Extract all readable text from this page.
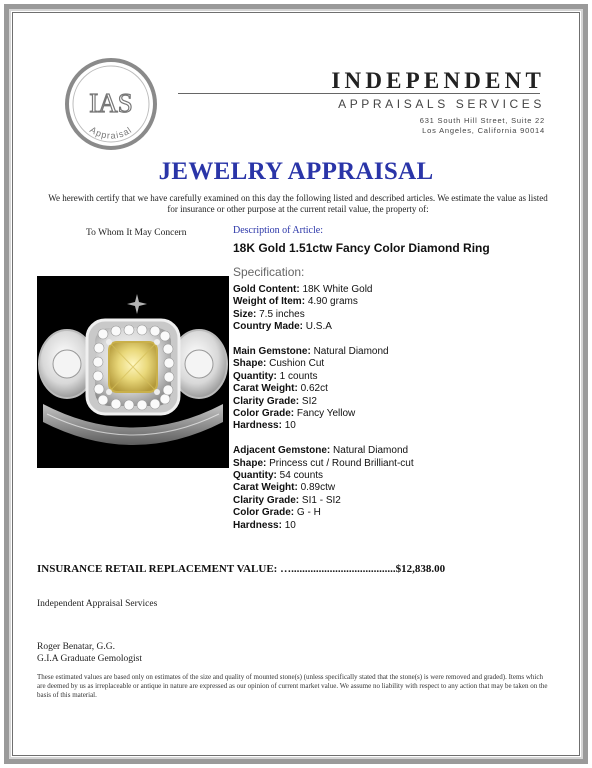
IAS
Appraisal
INDEPENDENT
APPRAISALS SERVICES
631 South Hill Street, Suite 22
Los Angeles, California 90014
JEWELRY APPRAISAL
We herewith certify that we have carefully examined on this day the following listed and described articles. We estimate the value as listed for insurance or other purpose at the current retail value, the property of:
To Whom It May Concern	Description of Article:
18K Gold 1.51ctw Fancy Color Diamond Ring
Specification:
Gold Content: 18K White Gold
Weight of Item: 4.90 grams
Size: 7.5 inches
Country Made: U.S.A
Main Gemstone: Natural Diamond
Shape: Cushion Cut
Quantity: 1 counts
Carat Weight: 0.62ct
Clarity Grade: SI2
Color Grade: Fancy Yellow
Hardness: 10
Adjacent Gemstone: Natural Diamond
Shape: Princess cut / Round Brilliant-cut
Quantity: 54 counts
Carat Weight: 0.89ctw
Clarity Grade: SI1 - SI2
Color Grade: G - H
Hardness: 10
INSURANCE RETAIL REPLACEMENT VALUE: …......................................$12,838.00
Independent Appraisal Services
Roger Benatar, G.G.
G.I.A Graduate Gemologist
These estimated values are based only on estimates of the size and quality of mounted stone(s) (unless specifically stated that the stone(s) is were removed and graded). Items which are deemed by us as irreplaceable or antique in nature are expressed as our opinion of current market value. We assume no liability with respect to any action that may be taken on the basis of this material.
